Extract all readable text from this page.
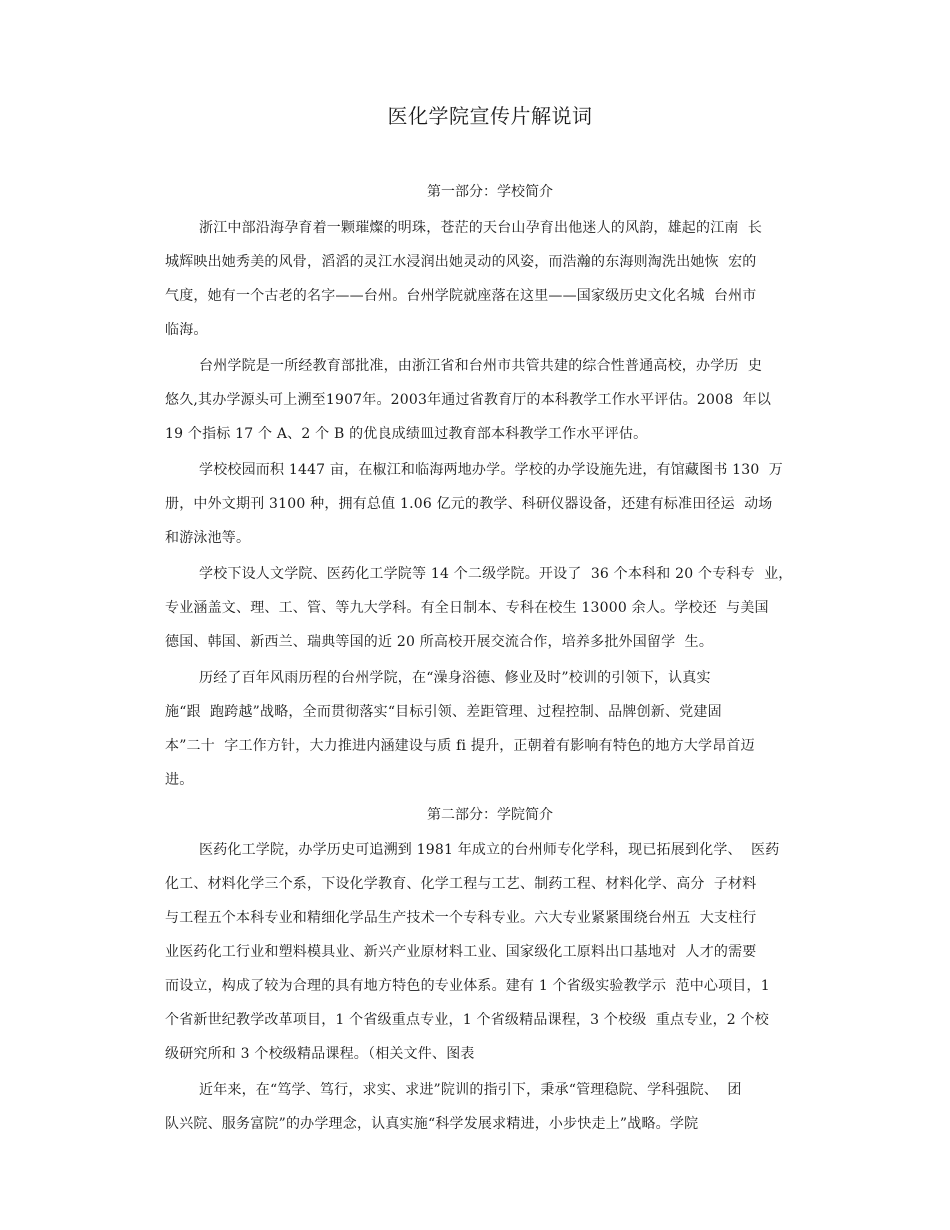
医化学院宣传片解说词
第一部分：学校简介
浙江中部沿海孕育着一颗璀燦的明珠，苍茫的天台山孕育出他迷人的风韵，雄起的江南  长
城辉映出她秀美的风骨，滔滔的灵江水浸润出她灵动的风姿，而浩瀚的东海则淘洗出她恢  宏的
气度，她有一个古老的名字——台州。台州学院就座落在这里——国家级历史文化名城  台州市
临海。
台州学院是一所经教育部批准，由浙江省和台州市共管共建的综合性普通高校，办学历  史
悠久,其办学源头可上溯至1907年。2003年通过省教育厅的本科教学工作水平评估。2008  年以
19 个指标 17 个 A、2 个 B 的优良成绩皿过教育部本科教学工作水平评估。
学校校园而积 1447 亩，在椒江和临海两地办学。学校的办学设施先进，有馆藏图书 130  万
册，中外文期刊 3100 种，拥有总值 1.06 亿元的教学、科研仪器设备，还建有标准田径运  动场
和游泳池等。
学校下设人文学院、医药化工学院等 14 个二级学院。开设了  36 个本科和 20 个专科专  业，
专业涵盖文、理、工、管、等九大学科。有全日制本、专科在校生 13000 余人。学校还  与美国
德国、韩国、新西兰、瑞典等国的近 20 所高校开展交流合作，培养多批外国留学  生。
历经了百年风雨历程的台州学院，在“澡身浴德、修业及时”校训的引领下，认真实
施“跟  跑跨越”战略，全而贯彻落实“目标引领、差距管理、过程控制、品牌创新、党建固
本”二十  字工作方针，大力推进内涵建设与质 fi 提升，正朝着有影响有特色的地方大学昂首迈
进。
第二部分：学院简介
医药化工学院，办学历史可追溯到 1981 年成立的台州师专化学科，现已拓展到化学、  医药
化工、材料化学三个系，下设化学教育、化学工程与工艺、制药工程、材料化学、高分  子材料
与工程五个本科专业和精细化学品生产技术一个专科专业。六大专业紧紧围绕台州五  大支柱行
业医药化工行业和塑料模具业、新兴产业原材料工业、国家级化工原料出口基地对  人才的需要
而设立，构成了较为合理的具有地方特色的专业体系。建有 1 个省级实验教学示  范中心项目，1
个省新世纪教学改革项目，1 个省级重点专业，1 个省级精品课程，3 个校级  重点专业，2 个校
级研究所和 3 个校级精品课程。（相关文件、图表
近年来，在“笃学、笃行，求实、求进”院训的指引下，秉承“管理稳院、学科强院、  团
队兴院、服务富院”的办学理念，认真实施“科学发展求精进，小步快走上”战略。学院
